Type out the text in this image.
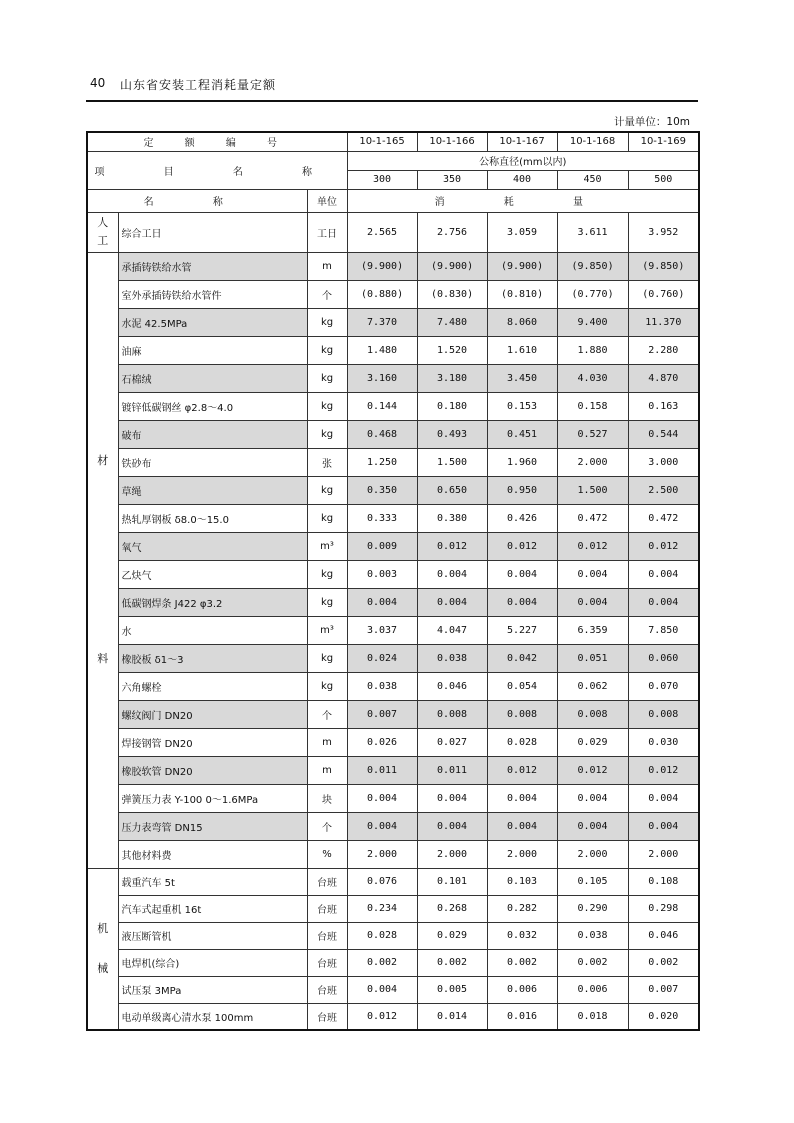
40 山东省安装工程消耗量定额
计量单位：10m
定 额 编 号			10-1-165	10-1-166	10-1-167	10-1-168	10-1-169
项 目 名 称			公称直径(mm以内)				
			300	350	400	450	500
名 称		单位	消 耗 量				

人
工	综合工日	工日	2.565	2.756	3.059	3.611	3.952

材
料	承插铸铁给水管	m	(9.900)	(9.900)	(9.900)	(9.850)	(9.850)
	室外承插铸铁给水管件	个	(0.880)	(0.830)	(0.810)	(0.770)	(0.760)
	水泥 42.5MPa	kg	7.370	7.480	8.060	9.400	11.370
	油麻	kg	1.480	1.520	1.610	1.880	2.280
	石棉绒	kg	3.160	3.180	3.450	4.030	4.870
	镀锌低碳钢丝 φ2.8～4.0	kg	0.144	0.180	0.153	0.158	0.163
	破布	kg	0.468	0.493	0.451	0.527	0.544
	铁砂布	张	1.250	1.500	1.960	2.000	3.000
	草绳	kg	0.350	0.650	0.950	1.500	2.500
	热轧厚钢板 δ8.0～15.0	kg	0.333	0.380	0.426	0.472	0.472
	氧气	m³	0.009	0.012	0.012	0.012	0.012
	乙炔气	kg	0.003	0.004	0.004	0.004	0.004
	低碳钢焊条 J422 φ3.2	kg	0.004	0.004	0.004	0.004	0.004
	水	m³	3.037	4.047	5.227	6.359	7.850
	橡胶板 δ1～3	kg	0.024	0.038	0.042	0.051	0.060
	六角螺栓	kg	0.038	0.046	0.054	0.062	0.070
	螺纹阀门 DN20	个	0.007	0.008	0.008	0.008	0.008
	焊接钢管 DN20	m	0.026	0.027	0.028	0.029	0.030
	橡胶软管 DN20	m	0.011	0.011	0.012	0.012	0.012
	弹簧压力表 Y-100 0～1.6MPa	块	0.004	0.004	0.004	0.004	0.004
	压力表弯管 DN15	个	0.004	0.004	0.004	0.004	0.004
	其他材料费	%	2.000	2.000	2.000	2.000	2.000

机
械	载重汽车 5t	台班	0.076	0.101	0.103	0.105	0.108
	汽车式起重机 16t	台班	0.234	0.268	0.282	0.290	0.298
	液压断管机	台班	0.028	0.029	0.032	0.038	0.046
	电焊机(综合)	台班	0.002	0.002	0.002	0.002	0.002
	试压泵 3MPa	台班	0.004	0.005	0.006	0.006	0.007
	电动单级离心清水泵 100mm	台班	0.012	0.014	0.016	0.018	0.020
